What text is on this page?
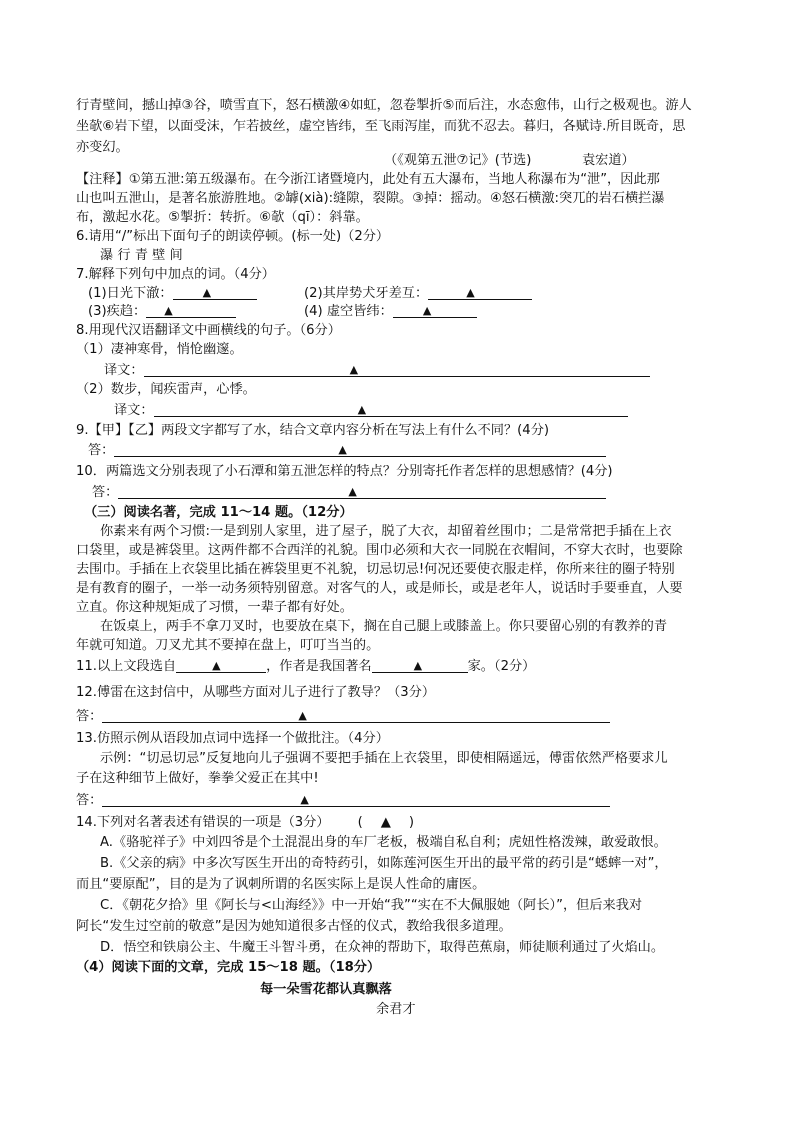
行青壁间，撼山掉③谷，喷雪直下，怒石横激④如虹，忽卷掣折⑤而后注，水态愈伟，山行之极观也。游人
坐欹⑥岩下望，以面受沫，乍若披丝，虚空皆纬，至飞雨泻崖，而犹不忍去。暮归，各赋诗.所目既奇，思
亦变幻。
（《观第五泄⑦记》(节选)	袁宏道）
【注释】①第五泄:第五级瀑布。在今浙江诸暨境内，此处有五大瀑布，当地人称瀑布为“泄”，因此那
山也叫五泄山，是著名旅游胜地。②罅(xià):缝隙，裂隙。③掉：摇动。④怒石横激:突兀的岩石横拦瀑
布，激起水花。⑤掣折：转折。⑥欹（qī）：斜靠。
6.请用“/”标出下面句子的朗读停顿。(标一处)（2分）
瀑 行 青 壁 间
7.解释下列句中加点的词。（4分）
(1)日光下澈：	▲	(2)其岸势犬牙差互：	▲
(3)疾趋： ▲	(4) 虚空皆纬：	▲
8.用现代汉语翻译文中画横线的句子。（6分）
（1）凄神寒骨，悄怆幽邃。
译文：	▲
（2）数步，闻疾雷声，心悸。
译文：	▲
9.【甲】【乙】两段文字都写了水，结合文章内容分析在写法上有什么不同？(4分)
答：	▲
10．两篇选文分别表现了小石潭和第五泄怎样的特点？分别寄托作者怎样的思想感情？(4分)
答：	▲
（三）阅读名著，完成 11～14 题。（12分）
你素来有两个习惯:一是到别人家里，进了屋子，脱了大衣，却留着丝围巾；二是常常把手插在上衣
口袋里，或是裤袋里。这两件都不合西洋的礼貌。围巾必须和大衣一同脱在衣帽间，不穿大衣时，也要除
去围巾。手插在上衣袋里比插在裤袋里更不礼貌，切忌切忌!何况还要使衣服走样，你所来往的圈子特别
是有教育的圈子，一举一动务须特别留意。对客气的人，或是师长，或是老年人，说话时手要垂直，人要
立直。你这种规矩成了习惯，一辈子都有好处。
在饭桌上，两手不拿刀叉时，也要放在桌下，搁在自己腿上或膝盖上。你只要留心别的有教养的青
年就可知道。刀叉尤其不要掉在盘上，叮叮当当的。
11.以上文段选自	▲	，作者是我国著名	▲	家。（2分）
12.傅雷在这封信中，从哪些方面对儿子进行了教导？（3分）
答：	▲
13.仿照示例从语段加点词中选择一个做批注。（4分）
示例：“切忌切忌”反复地向儿子强调不要把手插在上衣袋里，即使相隔遥远，傅雷依然严格要求儿
子在这种细节上做好，拳拳父爱正在其中!
答：	▲
14.下列对名著表述有错误的一项是（3分） ( ▲ )
A.《骆驼祥子》中刘四爷是个土混混出身的车厂老板，极端自私自利；虎妞性格泼辣，敢爱敢恨。
B.《父亲的病》中多次写医生开出的奇特药引，如陈莲河医生开出的最平常的药引是“蟋蟀一对”，
而且“要原配”，目的是为了讽刺所谓的名医实际上是误人性命的庸医。
C．《朝花夕拾》里《阿长与<山海经》》中一开始“我”“实在不大佩服她（阿长）”，但后来我对
阿长“发生过空前的敬意”是因为她知道很多古怪的仪式，教给我很多道理。
D．悟空和铁扇公主、牛魔王斗智斗勇，在众神的帮助下，取得芭蕉扇，师徒顺利通过了火焰山。
（4）阅读下面的文章，完成 15～18 题。（18分）
每一朵雪花都认真飘落
余君才
